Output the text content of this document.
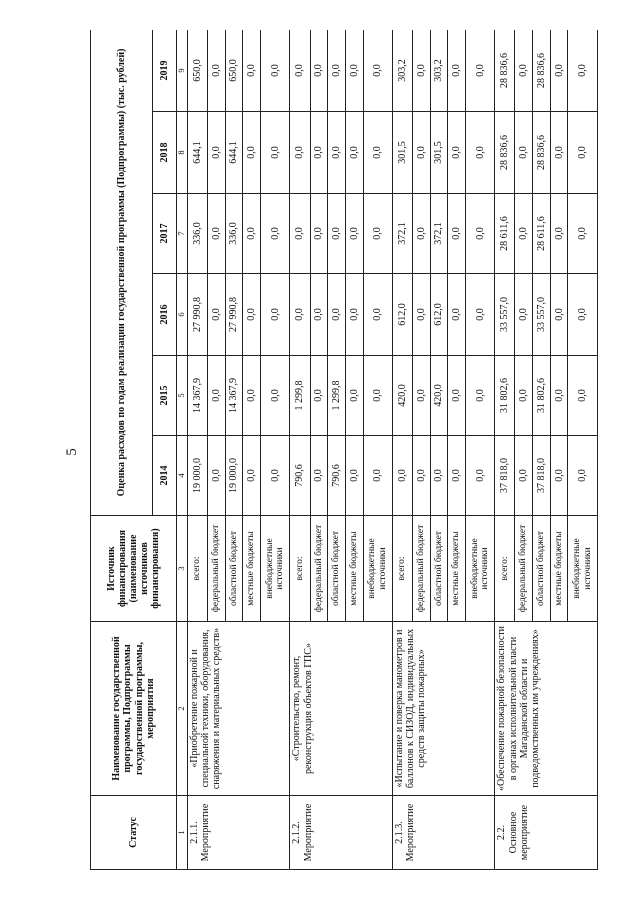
5
Статус	Наименование государственной программы, Подпрограммы государственной программы, мероприятия	Источник финансирования (наименование источников финансирования)	Оценка расходов по годам реализации государственной программы (Подпрограммы) (тыс. рублей)					
			2014	2015	2016	2017	2018	2019
1	2	3	4	5	6	7	8	9

2.1.1. Мероприятие	«Приобретение пожарной и специальной техники, оборудования, снаряжения и материальных средств»	всего:	19 000,0	14 367,9	27 990,8	336,0	644,1	650,0
		федеральный бюджет	0,0	0,0	0,0	0,0	0,0	0,0
		областной бюджет	19 000,0	14 367,9	27 990,8	336,0	644,1	650,0
		местные бюджеты	0,0	0,0	0,0	0,0	0,0	0,0
		внебюджетные источники	0,0	0,0	0,0	0,0	0,0	0,0

2.1.2. Мероприятие	«Строительство, ремонт, реконструкция объектов ГПС»	всего:	790,6	1 299,8	0,0	0,0	0,0	0,0
		федеральный бюджет	0,0	0,0	0,0	0,0	0,0	0,0
		областной бюджет	790,6	1 299,8	0,0	0,0	0,0	0,0
		местные бюджеты	0,0	0,0	0,0	0,0	0,0	0,0
		внебюджетные источники	0,0	0,0	0,0	0,0	0,0	0,0

2.1.3. Мероприятие	«Испытание и поверка манометров и баллонов к СИЗОД, индивидуальных средств защиты пожарных»	всего:	0,0	420,0	612,0	372,1	301,5	303,2
		федеральный бюджет	0,0	0,0	0,0	0,0	0,0	0,0
		областной бюджет	0,0	420,0	612,0	372,1	301,5	303,2
		местные бюджеты	0,0	0,0	0,0	0,0	0,0	0,0
		внебюджетные источники	0,0	0,0	0,0	0,0	0,0	0,0

2.2. Основное мероприятие	«Обеспечение пожарной безопасности в органах исполнительной власти Магаданской области и подведомственных им учреждениях»	всего:	37 818,0	31 802,6	33 557,0	28 611,6	28 836,6	28 836,6
		федеральный бюджет	0,0	0,0	0,0	0,0	0,0	0,0
		областной бюджет	37 818,0	31 802,6	33 557,0	28 611,6	28 836,6	28 836,6
		местные бюджеты	0,0	0,0	0,0	0,0	0,0	0,0
		внебюджетные источники	0,0	0,0	0,0	0,0	0,0	0,0
